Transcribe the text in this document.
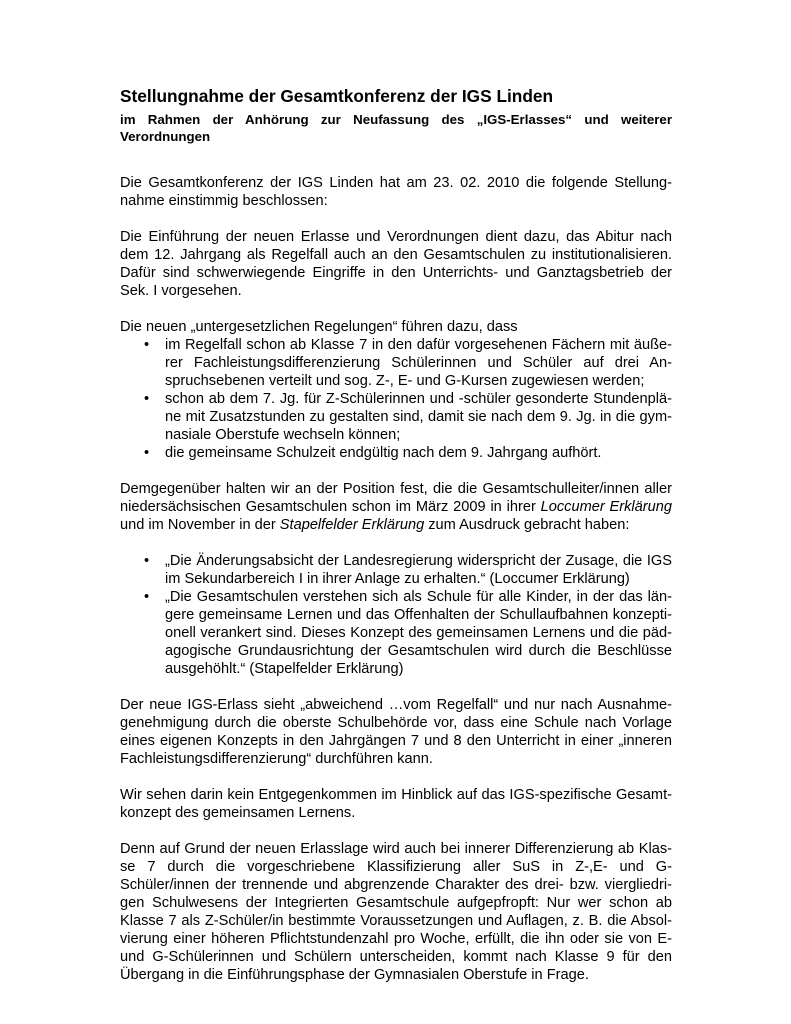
Stellungnahme der Gesamtkonferenz der IGS Linden
im Rahmen der Anhörung zur Neufassung des „IGS-Erlasses“ und weiterer
Verordnungen

Die Gesamtkonferenz der IGS Linden hat am 23. 02. 2010 die folgende Stellung-
nahme einstimmig beschlossen:

Die Einführung der neuen Erlasse und Verordnungen dient dazu, das Abitur nach
dem 12. Jahrgang als Regelfall auch an den Gesamtschulen zu institutionalisieren.
Dafür sind schwerwiegende Eingriffe in den Unterrichts- und Ganztagsbetrieb der
Sek. I vorgesehen.

Die neuen „untergesetzlichen Regelungen“ führen dazu, dass

• im Regelfall schon ab Klasse 7 in den dafür vorgesehenen Fächern mit äuße-
rer Fachleistungsdifferenzierung Schülerinnen und Schüler auf drei An-
spruchsebenen verteilt und sog. Z-, E- und G-Kursen zugewiesen werden;
• schon ab dem 7. Jg. für Z-Schülerinnen und -schüler gesonderte Stundenplä-
ne mit Zusatzstunden zu gestalten sind, damit sie nach dem 9. Jg. in die gym-
nasiale Oberstufe wechseln können;
• die gemeinsame Schulzeit endgültig nach dem 9. Jahrgang aufhört.

Demgegenüber halten wir an der Position fest, die die Gesamtschulleiter/innen aller
niedersächsischen Gesamtschulen schon im März 2009 in ihrer Loccumer Erklärung
und im November in der Stapelfelder Erklärung zum Ausdruck gebracht haben:

• „Die Änderungsabsicht der Landesregierung widerspricht der Zusage, die IGS
im Sekundarbereich I in ihrer Anlage zu erhalten.“ (Loccumer Erklärung)
• „Die Gesamtschulen verstehen sich als Schule für alle Kinder, in der das län-
gere gemeinsame Lernen und das Offenhalten der Schullaufbahnen konzepti-
onell verankert sind. Dieses Konzept des gemeinsamen Lernens und die päd-
agogische Grundausrichtung der Gesamtschulen wird durch die Beschlüsse
ausgehöhlt.“ (Stapelfelder Erklärung)

Der neue IGS-Erlass sieht „abweichend …vom Regelfall“ und nur nach Ausnahme-
genehmigung durch die oberste Schulbehörde vor, dass eine Schule nach Vorlage
eines eigenen Konzepts in den Jahrgängen 7 und 8 den Unterricht in einer „inneren
Fachleistungsdifferenzierung“ durchführen kann.

Wir sehen darin kein Entgegenkommen im Hinblick auf das IGS-spezifische Gesamt-
konzept des gemeinsamen Lernens.

Denn auf Grund der neuen Erlasslage wird auch bei innerer Differenzierung ab Klas-
se 7 durch die vorgeschriebene Klassifizierung aller SuS in Z-,E- und G-
Schüler/innen der trennende und abgrenzende Charakter des drei- bzw. viergliedri-
gen Schulwesens der Integrierten Gesamtschule aufgepfropft: Nur wer schon ab
Klasse 7 als Z-Schüler/in bestimmte Voraussetzungen und Auflagen, z. B. die Absol-
vierung einer höheren Pflichtstundenzahl pro Woche, erfüllt, die ihn oder sie von E-
und G-Schülerinnen und Schülern unterscheiden, kommt nach Klasse 9 für den
Übergang in die Einführungsphase der Gymnasialen Oberstufe in Frage.
